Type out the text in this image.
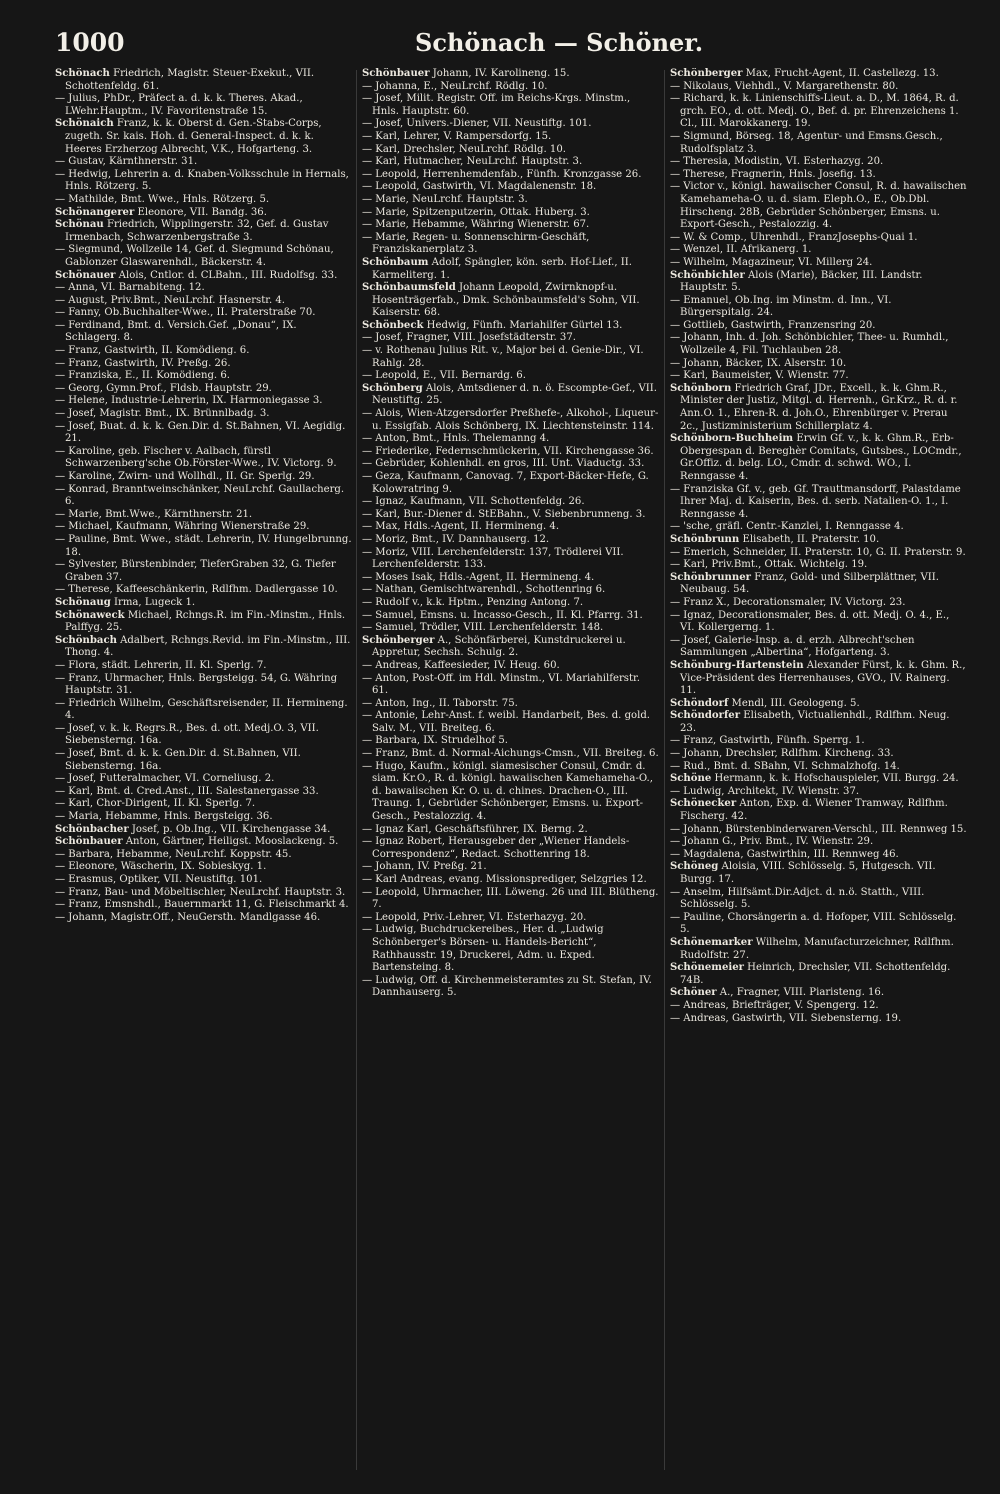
1000	Schönach — Schöner.

Schönach Friedrich, Magistr. Steuer-Exekut., VII. Schottenfeldg. 61.

— Julius, PhDr., Präfect a. d. k. k. Theres. Akad., LWehr.Hauptm., IV. Favoritenstraße 15.

Schönaich Franz, k. k. Oberst d. Gen.-Stabs-Corps, zugeth. Sr. kais. Hoh. d. General-Inspect. d. k. k. Heeres Erzherzog Albrecht, V.K., Hofgarteng. 3.

— Gustav, Kärnthnerstr. 31.

— Hedwig, Lehrerin a. d. Knaben-Volksschule in Hernals, Hnls. Rötzerg. 5.

— Mathilde, Bmt. Wwe., Hnls. Rötzerg. 5.

Schönangerer Eleonore, VII. Bandg. 36.

Schönau Friedrich, Wipplingerstr. 32, Gef. d. Gustav Irmenbach, Schwarzenbergstraße 3.

— Siegmund, Wollzeile 14, Gef. d. Siegmund Schönau, Gablonzer Glaswarenhdl., Bäckerstr. 4.

Schönauer Alois, Cntlor. d. CLBahn., III. Rudolfsg. 33.

— Anna, VI. Barnabiteng. 12.

— August, Priv.Bmt., NeuLrchf. Hasnerstr. 4.

— Fanny, Ob.Buchhalter-Wwe., II. Praterstraße 70.

— Ferdinand, Bmt. d. Versich.Gef. „Donau“, IX. Schlagerg. 8.

— Franz, Gastwirth, II. Komödieng. 6.

— Franz, Gastwirth, IV. Preßg. 26.

— Franziska, E., II. Komödieng. 6.

— Georg, Gymn.Prof., Fldsb. Hauptstr. 29.

— Helene, Industrie-Lehrerin, IX. Harmoniegasse 3.

— Josef, Magistr. Bmt., IX. Brünnlbadg. 3.

— Josef, Buat. d. k. k. Gen.Dir. d. St.Bahnen, VI. Aegidig. 21.

— Karoline, geb. Fischer v. Aalbach, fürstl Schwarzenberg'sche Ob.Förster-Wwe., IV. Victorg. 9.

— Karoline, Zwirn- und Wollhdl., II. Gr. Sperlg. 29.

— Konrad, Branntweinschänker, NeuLrchf. Gaullacherg. 6.

— Marie, Bmt.Wwe., Kärnthnerstr. 21.

— Michael, Kaufmann, Währing Wienerstraße 29.

— Pauline, Bmt. Wwe., städt. Lehrerin, IV. Hungelbrunng. 18.

— Sylvester, Bürstenbinder, TieferGraben 32, G. Tiefer Graben 37.

— Therese, Kaffeeschänkerin, Rdlfhm. Dadlergasse 10.

Schönaug Irma, Lugeck 1.

Schönaweck Michael, Rchngs.R. im Fin.-Minstm., Hnls. Palffyg. 25.

Schönbach Adalbert, Rchngs.Revid. im Fin.-Minstm., III. Thong. 4.

— Flora, städt. Lehrerin, II. Kl. Sperlg. 7.

— Franz, Uhrmacher, Hnls. Bergsteigg. 54, G. Währing Hauptstr. 31.

— Friedrich Wilhelm, Geschäftsreisender, II. Hermineng. 4.

— Josef, v. k. k. Regrs.R., Bes. d. ott. Medj.O. 3, VII. Siebensterng. 16a.

— Josef, Bmt. d. k. k. Gen.Dir. d. St.Bahnen, VII. Siebensterng. 16a.

— Josef, Futteralmacher, VI. Corneliusg. 2.

— Karl, Bmt. d. Cred.Anst., III. Salestanergasse 33.

— Karl, Chor-Dirigent, II. Kl. Sperlg. 7.

— Maria, Hebamme, Hnls. Bergsteigg. 36.

Schönbacher Josef, p. Ob.Ing., VII. Kirchengasse 34.

Schönbauer Anton, Gärtner, Heiligst. Mooslackeng. 5.

— Barbara, Hebamme, NeuLrchf. Koppstr. 45.

— Eleonore, Wäscherin, IX. Sobieskyg. 1.

— Erasmus, Optiker, VII. Neustiftg. 101.

— Franz, Bau- und Möbeltischler, NeuLrchf. Hauptstr. 3.

— Franz, Emsnshdl., Bauernmarkt 11, G. Fleischmarkt 4.

— Johann, Magistr.Off., NeuGersth. Mandlgasse 46.

Schönbauer Johann, IV. Karolineng. 15.

— Johanna, E., NeuLrchf. Rödlg. 10.

— Josef, Milit. Registr. Off. im Reichs-Krgs. Minstm., Hnls. Hauptstr. 60.

— Josef, Univers.-Diener, VII. Neustiftg. 101.

— Karl, Lehrer, V. Rampersdorfg. 15.

— Karl, Drechsler, NeuLrchf. Rödlg. 10.

— Karl, Hutmacher, NeuLrchf. Hauptstr. 3.

— Leopold, Herrenhemdenfab., Fünfh. Kronzgasse 26.

— Leopold, Gastwirth, VI. Magdalenenstr. 18.

— Marie, NeuLrchf. Hauptstr. 3.

— Marie, Spitzenputzerin, Ottak. Huberg. 3.

— Marie, Hebamme, Währing Wienerstr. 67.

— Marie, Regen- u. Sonnenschirm-Geschäft, Franziskanerplatz 3.

Schönbaum Adolf, Spängler, kön. serb. Hof-Lief., II. Karmeliterg. 1.

Schönbaumsfeld Johann Leopold, Zwirnknopf-u. Hosenträgerfab., Dmk. Schönbaumsfeld's Sohn, VII. Kaiserstr. 68.

Schönbeck Hedwig, Fünfh. Mariahilfer Gürtel 13.

— Josef, Fragner, VIII. Josefstädterstr. 37.

— v. Rothenau Julius Rit. v., Major bei d. Genie-Dir., VI. Rahlg. 28.

— Leopold, E., VII. Bernardg. 6.

Schönberg Alois, Amtsdiener d. n. ö. Escompte-Gef., VII. Neustiftg. 25.

— Alois, Wien-Atzgersdorfer Preßhefe-, Alkohol-, Liqueur- u. Essigfab. Alois Schönberg, IX. Liechtensteinstr. 114.

— Anton, Bmt., Hnls. Thelemanng 4.

— Friederike, Federnschmückerin, VII. Kirchengasse 36.

— Gebrüder, Kohlenhdl. en gros, III. Unt. Viaductg. 33.

— Geza, Kaufmann, Canovag. 7, Export-Bäcker-Hefe, G. Kolowratring 9.

— Ignaz, Kaufmann, VII. Schottenfeldg. 26.

— Karl, Bur.-Diener d. StEBahn., V. Siebenbrunneng. 3.

— Max, Hdls.-Agent, II. Hermineng. 4.

— Moriz, Bmt., IV. Dannhauserg. 12.

— Moriz, VIII. Lerchenfelderstr. 137, Trödlerei VII. Lerchenfelderstr. 133.

— Moses Isak, Hdls.-Agent, II. Hermineng. 4.

— Nathan, Gemischtwarenhdl., Schottenring 6.

— Rudolf v., k.k. Hptm., Penzing Antong. 7.

— Samuel, Emsns. u. Incasso-Gesch., II. Kl. Pfarrg. 31.

— Samuel, Trödler, VIII. Lerchenfelderstr. 148.

Schönberger A., Schönfärberei, Kunstdruckerei u. Appretur, Sechsh. Schulg. 2.

— Andreas, Kaffeesieder, IV. Heug. 60.

— Anton, Post-Off. im Hdl. Minstm., VI. Mariahilferstr. 61.

— Anton, Ing., II. Taborstr. 75.

— Antonie, Lehr-Anst. f. weibl. Handarbeit, Bes. d. gold. Salv. M., VII. Breiteg. 6.

— Barbara, IX. Strudelhof 5.

— Franz, Bmt. d. Normal-Aichungs-Cmsn., VII. Breiteg. 6.

— Hugo, Kaufm., königl. siamesischer Consul, Cmdr. d. siam. Kr.O., R. d. königl. hawaiischen Kamehameha-O., d. bawaiischen Kr. O. u. d. chines. Drachen-O., III. Traung. 1, Gebrüder Schönberger, Emsns. u. Export-Gesch., Pestalozzig. 4.

— Ignaz Karl, Geschäftsführer, IX. Berng. 2.

— Ignaz Robert, Herausgeber der „Wiener Handels-Correspondenz“, Redact. Schottenring 18.

— Johann, IV. Preßg. 21.

— Karl Andreas, evang. Missionsprediger, Selzgries 12.

— Leopold, Uhrmacher, III. Löweng. 26 und III. Blütheng. 7.

— Leopold, Priv.-Lehrer, VI. Esterhazyg. 20.

— Ludwig, Buchdruckereibes., Her. d. „Ludwig Schönberger's Börsen- u. Handels-Bericht“, Rathhausstr. 19, Druckerei, Adm. u. Exped. Bartensteing. 8.

— Ludwig, Off. d. Kirchenmeisteramtes zu St. Stefan, IV. Dannhauserg. 5.

Schönberger Max, Frucht-Agent, II. Castellezg. 13.

— Nikolaus, Viehhdl., V. Margarethenstr. 80.

— Richard, k. k. Linienschiffs-Lieut. a. D., M. 1864, R. d. grch. EO., d. ott. Medj. O., Bef. d. pr. Ehrenzeichens 1. Cl., III. Marokkanerg. 19.

— Sigmund, Börseg. 18, Agentur- und Emsns.Gesch., Rudolfsplatz 3.

— Theresia, Modistin, VI. Esterhazyg. 20.

— Therese, Fragnerin, Hnls. Josefig. 13.

— Victor v., königl. hawaiischer Consul, R. d. hawaiischen Kamehameha-O. u. d. siam. Eleph.O., E., Ob.Dbl. Hirscheng. 28B, Gebrüder Schönberger, Emsns. u. Export-Gesch., Pestalozzig. 4.

— W. & Comp., Uhrenhdl., FranzJosephs-Quai 1.

— Wenzel, II. Afrikanerg. 1.

— Wilhelm, Magazineur, VI. Millerg 24.

Schönbichler Alois (Marie), Bäcker, III. Landstr. Hauptstr. 5.

— Emanuel, Ob.Ing. im Minstm. d. Inn., VI. Bürgerspitalg. 24.

— Gottlieb, Gastwirth, Franzensring 20.

— Johann, Inh. d. Joh. Schönbichler, Thee- u. Rumhdl., Wollzeile 4, Fil. Tuchlauben 28.

— Johann, Bäcker, IX. Alserstr. 10.

— Karl, Baumeister, V. Wienstr. 77.

Schönborn Friedrich Graf, JDr., Excell., k. k. Ghm.R., Minister der Justiz, Mitgl. d. Herrenh., Gr.Krz., R. d. r. Ann.O. 1., Ehren-R. d. Joh.O., Ehrenbürger v. Prerau 2c., Justizministerium Schillerplatz 4.

Schönborn-Buchheim Erwin Gf. v., k. k. Ghm.R., Erb-Obergespan d. Bereghèr Comitats, Gutsbes., LOCmdr., Gr.Offiz. d. belg. LO., Cmdr. d. schwd. WO., I. Renngasse 4.

— Franziska Gf. v., geb. Gf. Trauttmansdorff, Palastdame Ihrer Maj. d. Kaiserin, Bes. d. serb. Natalien-O. 1., I. Renngasse 4.

— 'sche, gräfl. Centr.-Kanzlei, I. Renngasse 4.

Schönbrunn Elisabeth, II. Praterstr. 10.

— Emerich, Schneider, II. Praterstr. 10, G. II. Praterstr. 9.

— Karl, Priv.Bmt., Ottak. Wichtelg. 19.

Schönbrunner Franz, Gold- und Silberplättner, VII. Neubaug. 54.

— Franz X., Decorationsmaler, IV. Victorg. 23.

— Ignaz, Decorationsmaler, Bes. d. ott. Medj. O. 4., E., VI. Kollergerng. 1.

— Josef, Galerie-Insp. a. d. erzh. Albrecht'schen Sammlungen „Albertina“, Hofgarteng. 3.

Schönburg-Hartenstein Alexander Fürst, k. k. Ghm. R., Vice-Präsident des Herrenhauses, GVO., IV. Rainerg. 11.

Schöndorf Mendl, III. Geologeng. 5.

Schöndorfer Elisabeth, Victualienhdl., Rdlfhm. Neug. 23.

— Franz, Gastwirth, Fünfh. Sperrg. 1.

— Johann, Drechsler, Rdlfhm. Kircheng. 33.

— Rud., Bmt. d. SBahn, VI. Schmalzhofg. 14.

Schöne Hermann, k. k. Hofschauspieler, VII. Burgg. 24.

— Ludwig, Architekt, IV. Wienstr. 37.

Schönecker Anton, Exp. d. Wiener Tramway, Rdlfhm. Fischerg. 42.

— Johann, Bürstenbinderwaren-Verschl., III. Rennweg 15.

— Johann G., Priv. Bmt., IV. Wienstr. 29.

— Magdalena, Gastwirthin, III. Rennweg 46.

Schöneg Aloisia, VIII. Schlösselg. 5, Hutgesch. VII. Burgg. 17.

— Anselm, Hilfsämt.Dir.Adjct. d. n.ö. Statth., VIII. Schlösselg. 5.

— Pauline, Chorsängerin a. d. Hofoper, VIII. Schlösselg. 5.

Schönemarker Wilhelm, Manufacturzeichner, Rdlfhm. Rudolfstr. 27.

Schönemeier Heinrich, Drechsler, VII. Schottenfeldg. 74B.

Schöner A., Fragner, VIII. Piaristeng. 16.

— Andreas, Briefträger, V. Spengerg. 12.

— Andreas, Gastwirth, VII. Siebensterng. 19.
